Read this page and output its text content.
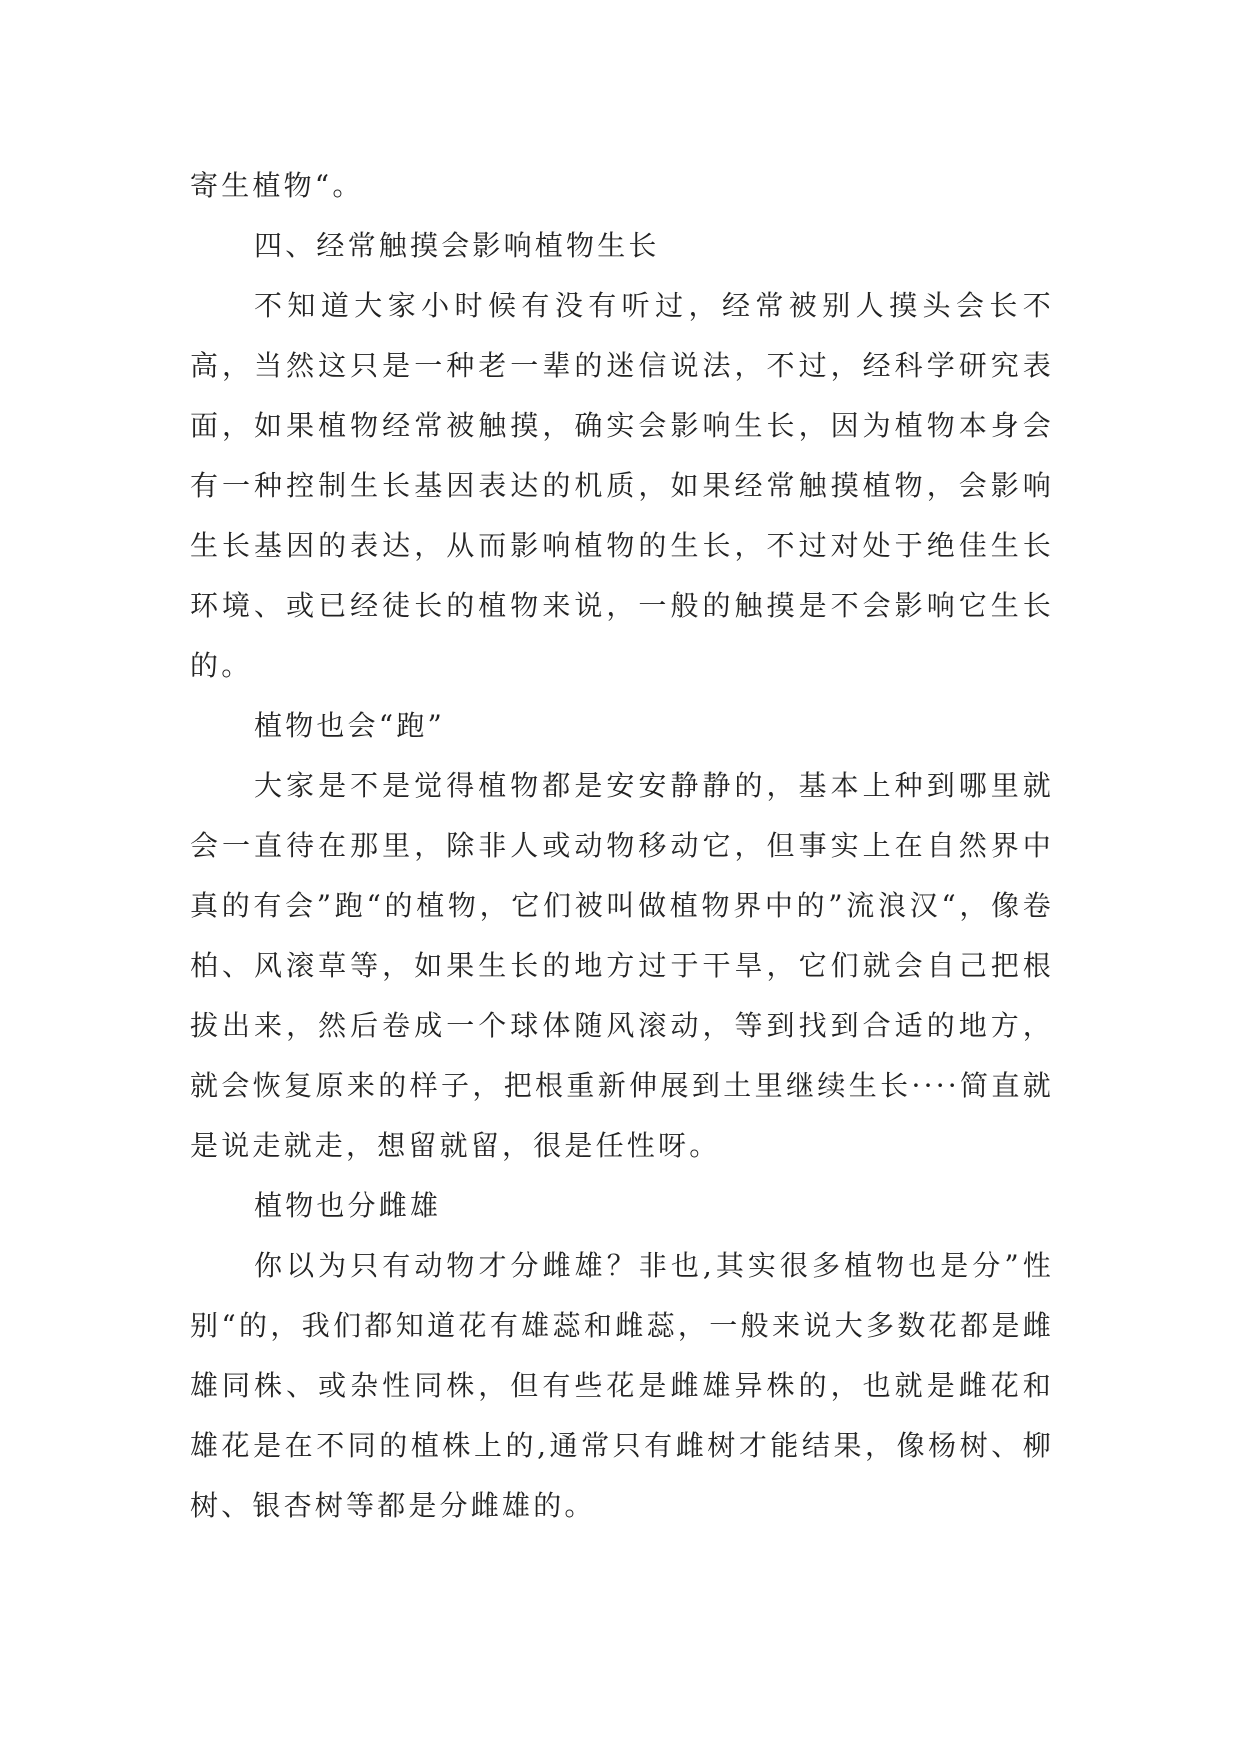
寄生植物“。

四、经常触摸会影响植物生长

不知道大家小时候有没有听过，经常被别人摸头会长不高，当然这只是一种老一辈的迷信说法，不过，经科学研究表面，如果植物经常被触摸，确实会影响生长，因为植物本身会有一种控制生长基因表达的机质，如果经常触摸植物，会影响生长基因的表达，从而影响植物的生长，不过对处于绝佳生长环境、或已经徒长的植物来说，一般的触摸是不会影响它生长的。

植物也会“跑”

大家是不是觉得植物都是安安静静的，基本上种到哪里就会一直待在那里，除非人或动物移动它，但事实上在自然界中真的有会”跑“的植物，它们被叫做植物界中的”流浪汉“，像卷柏、风滚草等，如果生长的地方过于干旱，它们就会自己把根拔出来，然后卷成一个球体随风滚动，等到找到合适的地方，就会恢复原来的样子，把根重新伸展到土里继续生长····简直就是说走就走，想留就留，很是任性呀。

植物也分雌雄

你以为只有动物才分雌雄？非也,其实很多植物也是分”性别“的，我们都知道花有雄蕊和雌蕊，一般来说大多数花都是雌雄同株、或杂性同株，但有些花是雌雄异株的，也就是雌花和雄花是在不同的植株上的,通常只有雌树才能结果，像杨树、柳树、银杏树等都是分雌雄的。
